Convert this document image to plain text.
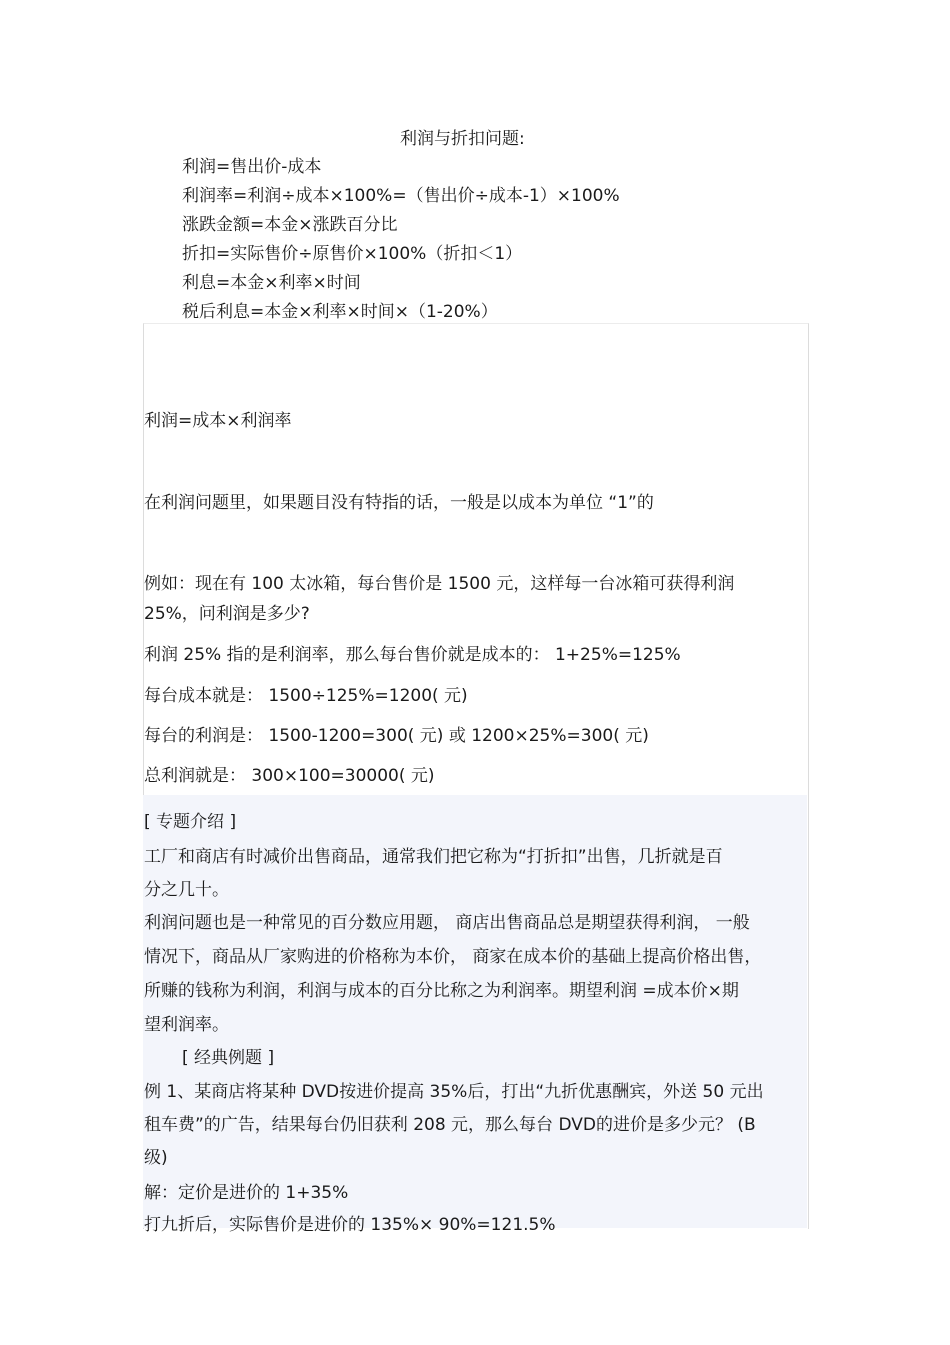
利润与折扣问题:
利润=售出价-成本
利润率=利润÷成本×100%=（售出价÷成本-1）×100%
涨跌金额=本金×涨跌百分比
折扣=实际售价÷原售价×100%（折扣＜1）
利息=本金×利率×时间
税后利息=本金×利率×时间×（1-20%）
利润=成本×利润率
在利润问题里，如果题目没有特指的话，一般是以成本为单位 “1”的
例如：现在有 100 太冰箱，每台售价是 1500 元，这样每一台冰箱可获得利润
25%，问利润是多少?
利润 25% 指的是利润率，那么每台售价就是成本的： 1+25%=125%
每台成本就是： 1500÷125%=1200( 元)
每台的利润是： 1500-1200=300( 元) 或 1200×25%=300( 元)
总利润就是： 300×100=30000( 元)
[ 专题介绍 ]
工厂和商店有时减价出售商品，通常我们把它称为“打折扣”出售，几折就是百
分之几十。
利润问题也是一种常见的百分数应用题， 商店出售商品总是期望获得利润， 一般
情况下，商品从厂家购进的价格称为本价， 商家在成本价的基础上提高价格出售，
所赚的钱称为利润，利润与成本的百分比称之为利润率。期望利润 =成本价×期
望利润率。
[ 经典例题 ]
例 1、某商店将某种 DVD按进价提高 35%后，打出“九折优惠酬宾，外送 50 元出
租车费”的广告，结果每台仍旧获利 208 元，那么每台 DVD的进价是多少元？ (B
级)
解：定价是进价的 1+35%
打九折后，实际售价是进价的 135%× 90%=121.5%
